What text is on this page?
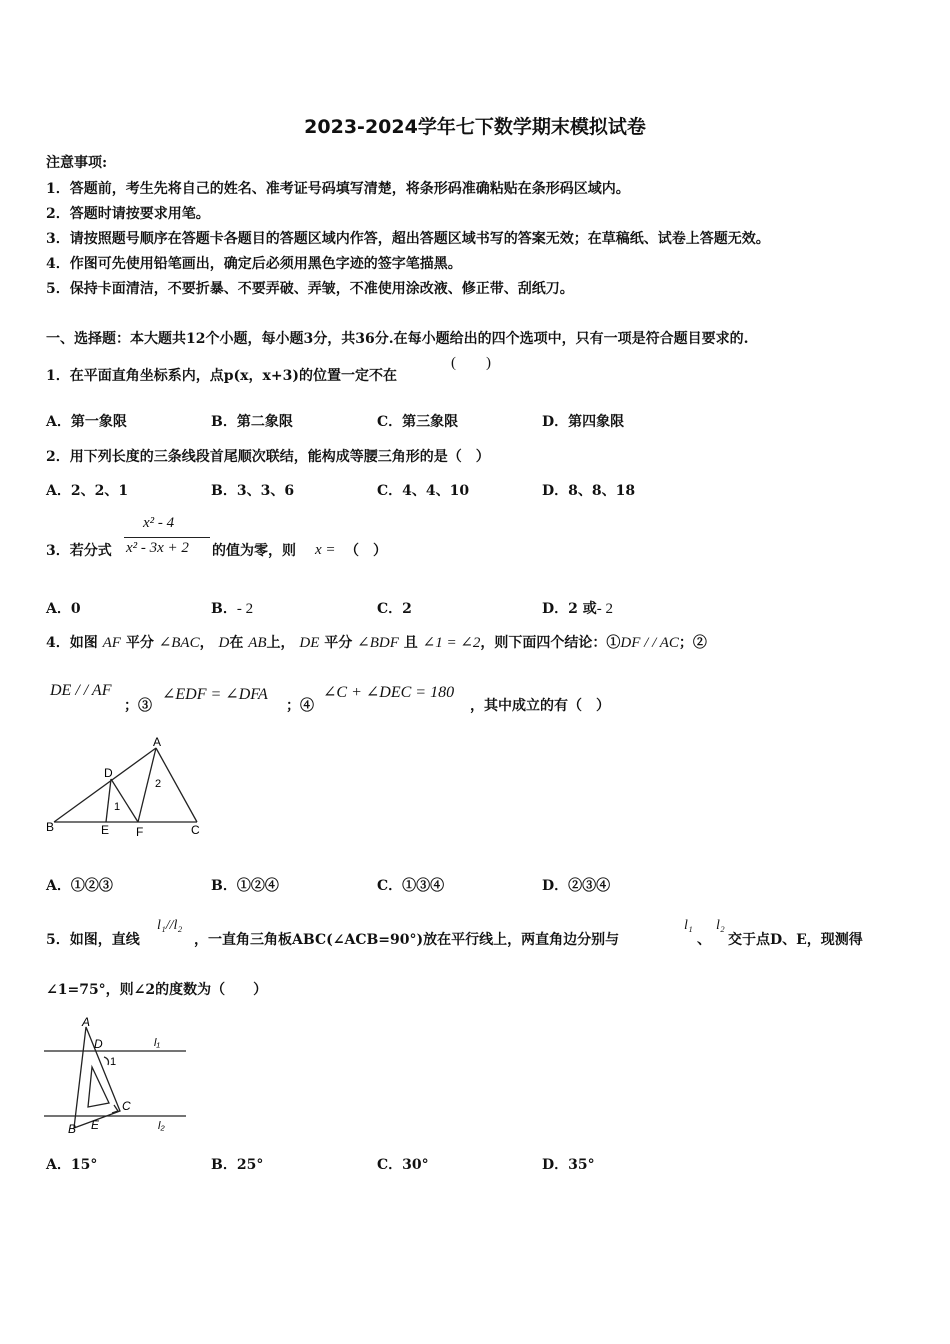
2023-2024学年七下数学期末模拟试卷
注意事项:
1．答题前，考生先将自己的姓名、准考证号码填写清楚，将条形码准确粘贴在条形码区域内。
2．答题时请按要求用笔。
3．请按照题号顺序在答题卡各题目的答题区域内作答，超出答题区域书写的答案无效；在草稿纸、试卷上答题无效。
4．作图可先使用铅笔画出，确定后必须用黑色字迹的签字笔描黑。
5．保持卡面清洁，不要折暴、不要弄破、弄皱，不准使用涂改液、修正带、刮纸刀。
一、选择题：本大题共12个小题，每小题3分，共36分.在每小题给出的四个选项中，只有一项是符合题目要求的.
1．在平面直角坐标系内，点p(x，x+3)的位置一定不在
(　　)
A．第一象限	B．第二象限	C．第三象限	D．第四象限
2．用下列长度的三条线段首尾顺次联结，能构成等腰三角形的是（　）
A．2、2、1	B．3、3、6	C．4、4、10	D．8、8、18
3．若分式
x² - 4
x² - 3x + 2 的值为零，则 x = （　）
A．0	B．- 2	C．2	D．2 或- 2
4．如图 AF 平分 ∠BAC， D在 AB上， DE 平分 ∠BDF 且 ∠1 = ∠2，则下面四个结论：①DF / / AC；②
DE / / AF
；③
∠EDF = ∠DFA
；④
∠C + ∠DEC = 180
，其中成立的有（　）
A
B	C
D
E F
1
2
A．①②③	B．①②④	C．①③④	D．②③④
5．如图，直线
l₁//l₂
，一直角三角板ABC(∠ACB=90°)放在平行线上，两直角边分别与
l₁
、
l₂
交于点D、E，现测得
∠1=75°，则∠2的度数为（　　）
A
B
C
D
E
1
l₁
l₂
A．15°	B．25°	C．30°	D．35°
